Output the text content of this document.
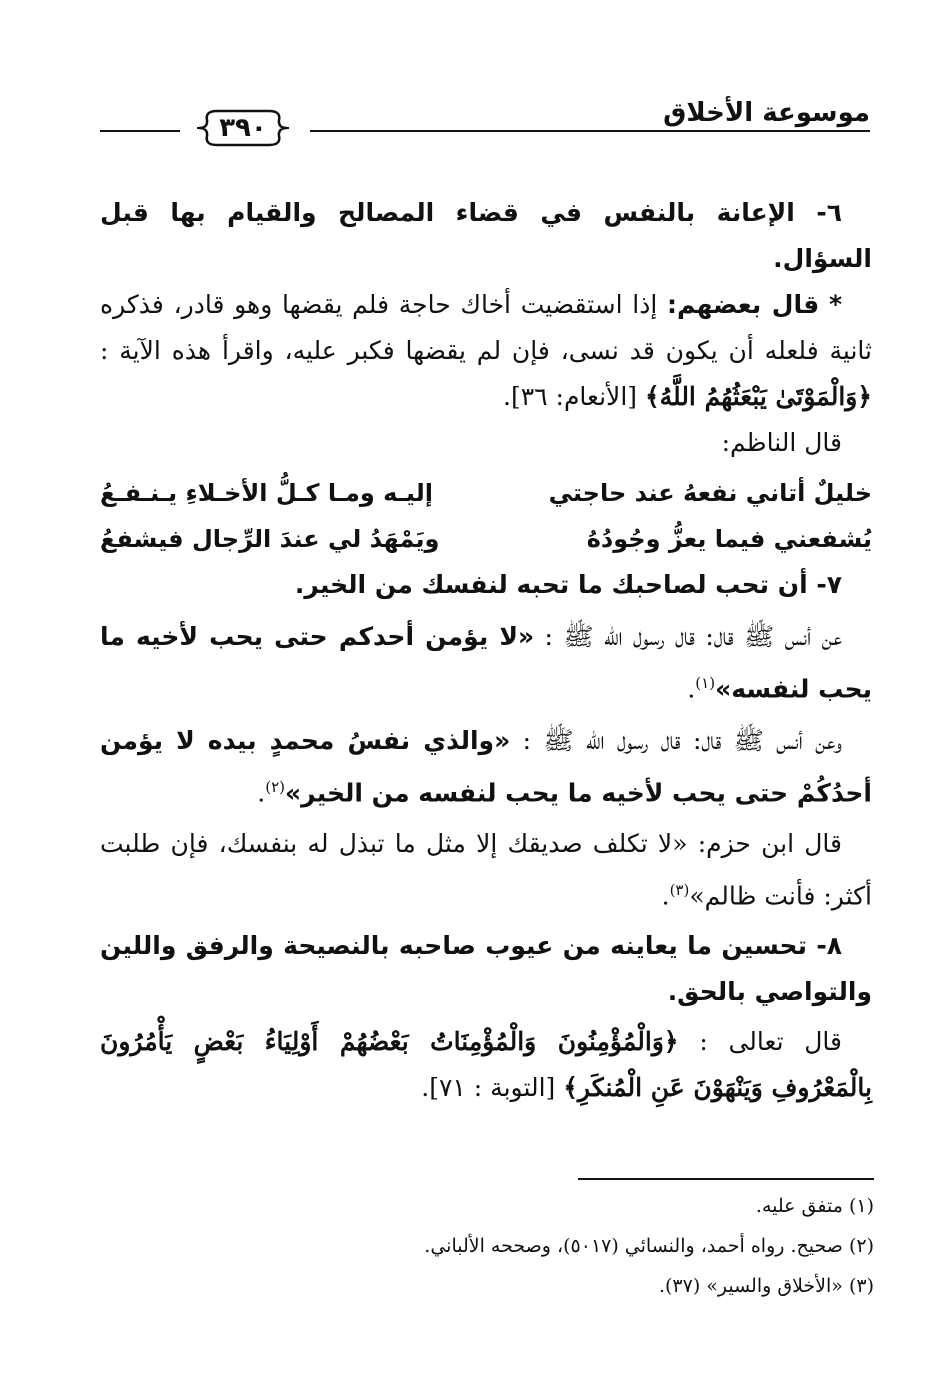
موسوعة الأخلاق
٣٩٠

٦- الإعانة بالنفس في قضاء المصالح والقيام بها قبل السؤال.

* قال بعضهم: إذا استقضيت أخاك حاجة فلم يقضها وهو قادر، فذكره ثانية فلعله أن يكون قد نسى، فإن لم يقضها فكبر عليه، واقرأ هذه الآية : ﴿وَالْمَوْتَىٰ يَبْعَثُهُمُ اللَّهُ﴾ [الأنعام: ٣٦].

قال الناظم:

خليلٌ أتاني نفعهُ عند حاجتي
إليـه ومـا كـلُّ الأخـلاءِ يـنـفـعُ
يُشفعني فيما يعزُّ وجُودُهُ
ويَمْهَدُ لي عندَ الرِّجال فيشفعُ

٧- أن تحب لصاحبك ما تحبه لنفسك من الخير.

عن أنس ﷺ قال: قال رسول الله ﷺ : «لا يؤمن أحدكم حتى يحب لأخيه ما يحب لنفسه»$^{(١)}$.

وعن أنس ﷺ قال: قال رسول الله ﷺ : «والذي نفسُ محمدٍ بيده لا يؤمن أحدُكُمْ حتى يحب لأخيه ما يحب لنفسه من الخير»$^{(٢)}$.

قال ابن حزم: «لا تكلف صديقك إلا مثل ما تبذل له بنفسك، فإن طلبت أكثر: فأنت ظالم»$^{(٣)}$.

٨- تحسين ما يعاينه من عيوب صاحبه بالنصيحة والرفق واللين والتواصي بالحق.

قال تعالى : ﴿وَالْمُؤْمِنُونَ وَالْمُؤْمِنَاتُ بَعْضُهُمْ أَوْلِيَاءُ بَعْضٍ يَأْمُرُونَ بِالْمَعْرُوفِ وَيَنْهَوْنَ عَنِ الْمُنكَرِ﴾ [التوبة : ٧١].

(١) متفق عليه.

(٢) صحيح. رواه أحمد، والنسائي (٥٠١٧)، وصححه الألباني.

(٣) «الأخلاق والسير» (٣٧).
